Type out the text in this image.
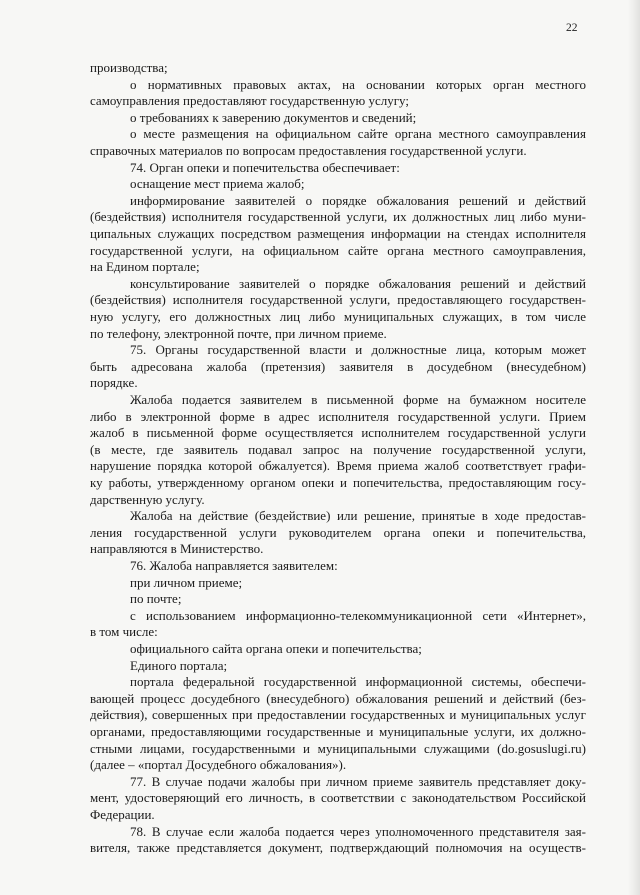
22
производства;
о нормативных правовых актах, на основании которых орган местного
самоуправления предоставляют государственную услугу;
о требованиях к заверению документов и сведений;
о месте размещения на официальном сайте органа местного самоуправления
справочных материалов по вопросам предоставления государственной услуги.
74. Орган опеки и попечительства обеспечивает:
оснащение мест приема жалоб;
информирование заявителей о порядке обжалования решений и действий
(бездействия) исполнителя государственной услуги, их должностных лиц либо муни-
ципальных служащих посредством размещения информации на стендах исполнителя
государственной услуги, на официальном сайте органа местного самоуправления,
на Едином портале;
консультирование заявителей о порядке обжалования решений и действий
(бездействия) исполнителя государственной услуги, предоставляющего государствен-
ную услугу, его должностных лиц либо муниципальных служащих, в том числе
по телефону, электронной почте, при личном приеме.
75. Органы государственной власти и должностные лица, которым может
быть адресована жалоба (претензия) заявителя в досудебном (внесудебном)
порядке.
Жалоба подается заявителем в письменной форме на бумажном носителе
либо в электронной форме в адрес исполнителя государственной услуги. Прием
жалоб в письменной форме осуществляется исполнителем государственной услуги
(в месте, где заявитель подавал запрос на получение государственной услуги,
нарушение порядка которой обжалуется). Время приема жалоб соответствует графи-
ку работы, утвержденному органом опеки и попечительства, предоставляющим госу-
дарственную услугу.
Жалоба на действие (бездействие) или решение, принятые в ходе предостав-
ления государственной услуги руководителем органа опеки и попечительства,
направляются в Министерство.
76. Жалоба направляется заявителем:
при личном приеме;
по почте;
с использованием информационно-телекоммуникационной сети «Интернет»,
в том числе:
официального сайта органа опеки и попечительства;
Единого портала;
портала федеральной государственной информационной системы, обеспечи-
вающей процесс досудебного (внесудебного) обжалования решений и действий (без-
действия), совершенных при предоставлении государственных и муниципальных услуг
органами, предоставляющими государственные и муниципальные услуги, их должно-
стными лицами, государственными и муниципальными служащими (do.gosuslugi.ru)
(далее – «портал Досудебного обжалования»).
77. В случае подачи жалобы при личном приеме заявитель представляет доку-
мент, удостоверяющий его личность, в соответствии с законодательством Российской
Федерации.
78. В случае если жалоба подается через уполномоченного представителя зая-
вителя, также представляется документ, подтверждающий полномочия на осуществ-
